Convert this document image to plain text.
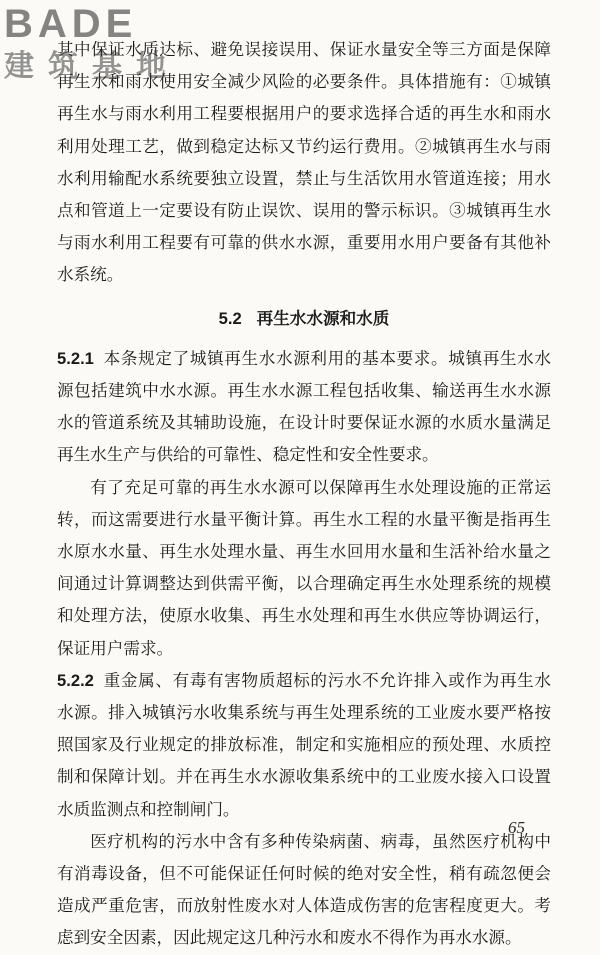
BADE
建筑基地

其中保证水质达标、避免误接误用、保证水量安全等三方面是保障再生水和雨水使用安全减少风险的必要条件。具体措施有：①城镇再生水与雨水利用工程要根据用户的要求选择合适的再生水和雨水利用处理工艺，做到稳定达标又节约运行费用。②城镇再生水与雨水利用输配水系统要独立设置，禁止与生活饮用水管道连接；用水点和管道上一定要设有防止误饮、误用的警示标识。③城镇再生水与雨水利用工程要有可靠的供水水源，重要用水用户要备有其他补水系统。

5.2 再生水水源和水质

5.2.1 本条规定了城镇再生水水源利用的基本要求。城镇再生水水源包括建筑中水水源。再生水水源工程包括收集、输送再生水水源水的管道系统及其辅助设施，在设计时要保证水源的水质水量满足再生水生产与供给的可靠性、稳定性和安全性要求。

有了充足可靠的再生水水源可以保障再生水处理设施的正常运转，而这需要进行水量平衡计算。再生水工程的水量平衡是指再生水原水水量、再生水处理水量、再生水回用水量和生活补给水量之间通过计算调整达到供需平衡，以合理确定再生水处理系统的规模和处理方法，使原水收集、再生水处理和再生水供应等协调运行，保证用户需求。

5.2.2 重金属、有毒有害物质超标的污水不允许排入或作为再生水水源。排入城镇污水收集系统与再生处理系统的工业废水要严格按照国家及行业规定的排放标准，制定和实施相应的预处理、水质控制和保障计划。并在再生水水源收集系统中的工业废水接入口设置水质监测点和控制闸门。

医疗机构的污水中含有多种传染病菌、病毒，虽然医疗机构中有消毒设备，但不可能保证任何时候的绝对安全性，稍有疏忽便会造成严重危害，而放射性废水对人体造成伤害的危害程度更大。考虑到安全因素，因此规定这几种污水和废水不得作为再水水源。

65
